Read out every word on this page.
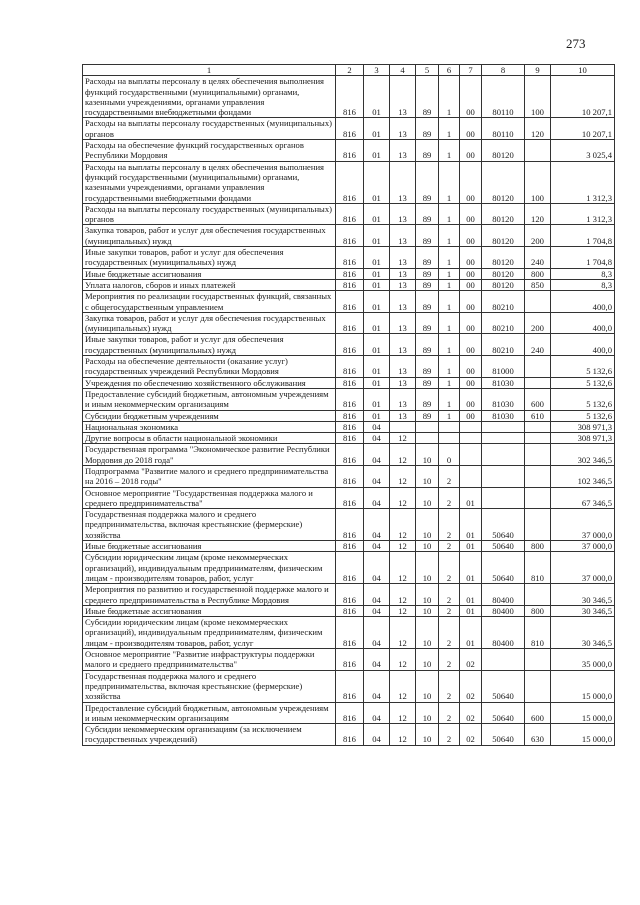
273
1	2	3	4	5	6	7	8	9	10
Расходы на выплаты персоналу в целях обеспечения выполнения функций государственными (муниципальными) органами, казенными учреждениями, органами управления государственными внебюджетными фондами	816	01	13	89	1	00	80110	100	10 207,1
Расходы на выплаты персоналу государственных (муниципальных) органов	816	01	13	89	1	00	80110	120	10 207,1
Расходы на обеспечение функций государственных органов Республики Мордовия	816	01	13	89	1	00	80120		3 025,4
Расходы на выплаты персоналу в целях обеспечения выполнения функций государственными (муниципальными) органами, казенными учреждениями, органами управления государственными внебюджетными фондами	816	01	13	89	1	00	80120	100	1 312,3
Расходы на выплаты персоналу государственных (муниципальных) органов	816	01	13	89	1	00	80120	120	1 312,3
Закупка товаров, работ и услуг для обеспечения государственных (муниципальных) нужд	816	01	13	89	1	00	80120	200	1 704,8
Иные закупки товаров, работ и услуг для обеспечения государственных (муниципальных) нужд	816	01	13	89	1	00	80120	240	1 704,8
Иные бюджетные ассигнования	816	01	13	89	1	00	80120	800	8,3
Уплата налогов, сборов и иных платежей	816	01	13	89	1	00	80120	850	8,3
Мероприятия по реализации государственных функций, связанных с общегосударственным управлением	816	01	13	89	1	00	80210		400,0
Закупка товаров, работ и услуг для обеспечения государственных (муниципальных) нужд	816	01	13	89	1	00	80210	200	400,0
Иные закупки товаров, работ и услуг для обеспечения государственных (муниципальных) нужд	816	01	13	89	1	00	80210	240	400,0
Расходы на обеспечение деятельности (оказание услуг) государственных учреждений Республики Мордовия	816	01	13	89	1	00	81000		5 132,6
Учреждения по обеспечению хозяйственного обслуживания	816	01	13	89	1	00	81030		5 132,6
Предоставление субсидий бюджетным, автономным учреждениям и иным некоммерческим организациям	816	01	13	89	1	00	81030	600	5 132,6
Субсидии бюджетным учреждениям	816	01	13	89	1	00	81030	610	5 132,6
Национальная экономика	816	04							308 971,3
Другие вопросы в области национальной экономики	816	04	12						308 971,3
Государственная программа "Экономическое развитие Республики Мордовия до 2018 года"	816	04	12	10	0				302 346,5
Подпрограмма "Развитие малого и среднего предпринимательства на 2016 – 2018 годы"	816	04	12	10	2				102 346,5
Основное мероприятие "Государственная поддержка малого и среднего предпринимательства"	816	04	12	10	2	01			67 346,5
Государственная поддержка малого и среднего предпринимательства, включая крестьянские (фермерские) хозяйства	816	04	12	10	2	01	50640		37 000,0
Иные бюджетные ассигнования	816	04	12	10	2	01	50640	800	37 000,0
Субсидии юридическим лицам (кроме некоммерческих организаций), индивидуальным предпринимателям, физическим лицам - производителям товаров, работ, услуг	816	04	12	10	2	01	50640	810	37 000,0
Мероприятия по развитию и государственной поддержке малого и среднего предпринимательства в Республике Мордовия	816	04	12	10	2	01	80400		30 346,5
Иные бюджетные ассигнования	816	04	12	10	2	01	80400	800	30 346,5
Субсидии юридическим лицам (кроме некоммерческих организаций), индивидуальным предпринимателям, физическим лицам - производителям товаров, работ, услуг	816	04	12	10	2	01	80400	810	30 346,5
Основное мероприятие "Развитие инфраструктуры поддержки малого и среднего предпринимательства"	816	04	12	10	2	02			35 000,0
Государственная поддержка малого и среднего предпринимательства, включая крестьянские (фермерские) хозяйства	816	04	12	10	2	02	50640		15 000,0
Предоставление субсидий бюджетным, автономным учреждениям и иным некоммерческим организациям	816	04	12	10	2	02	50640	600	15 000,0
Субсидии некоммерческим организациям (за исключением государственных учреждений)	816	04	12	10	2	02	50640	630	15 000,0
